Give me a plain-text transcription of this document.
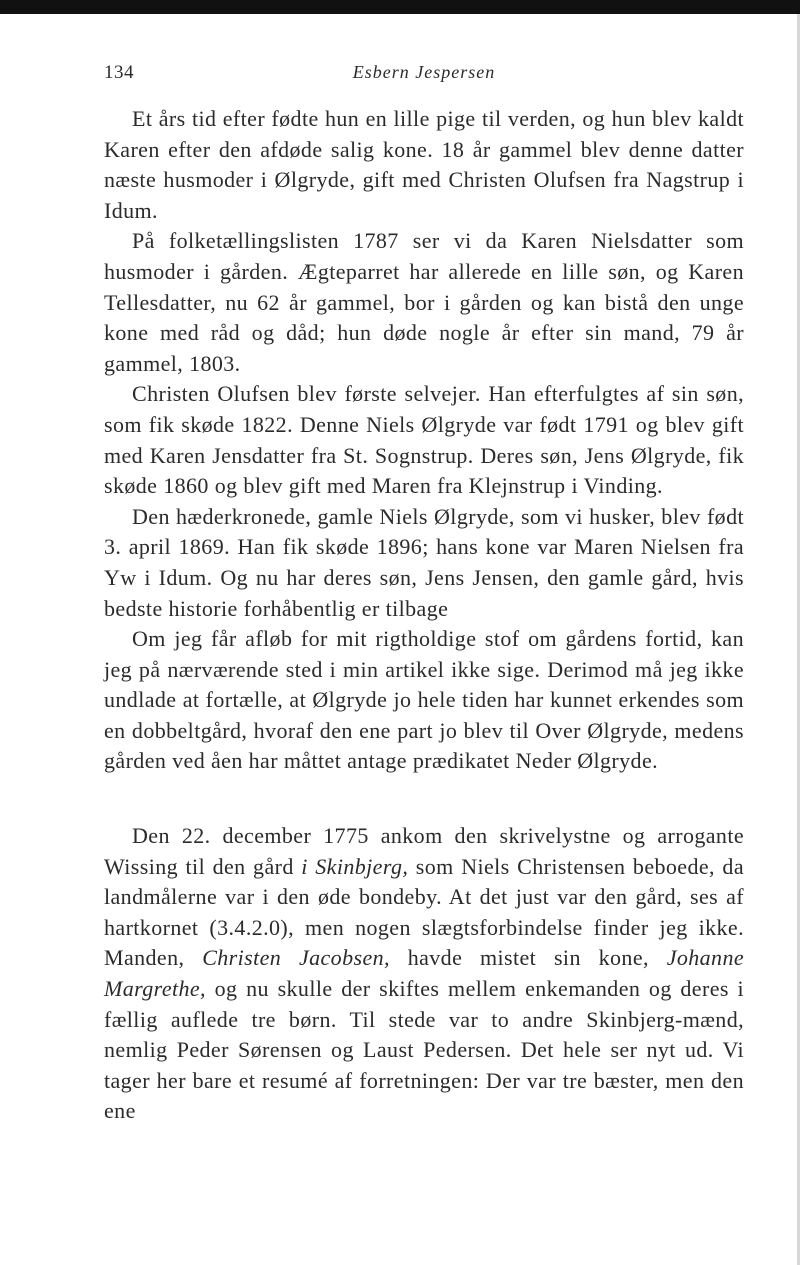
134	Esbern Jespersen

Et års tid efter fødte hun en lille pige til verden, og hun blev kaldt Karen efter den afdøde salig kone. 18 år gammel blev denne datter næste husmoder i Ølgryde, gift med Christen Olufsen fra Nagstrup i Idum.

På folketællingslisten 1787 ser vi da Karen Nielsdatter som husmoder i gården. Ægteparret har allerede en lille søn, og Karen Tellesdatter, nu 62 år gammel, bor i gården og kan bistå den unge kone med råd og dåd; hun døde nogle år efter sin mand, 79 år gammel, 1803.

Christen Olufsen blev første selvejer. Han efterfulgtes af sin søn, som fik skøde 1822. Denne Niels Ølgryde var født 1791 og blev gift med Karen Jensdatter fra St. Sognstrup. Deres søn, Jens Ølgryde, fik skøde 1860 og blev gift med Maren fra Klejnstrup i Vinding.

Den hæderkronede, gamle Niels Ølgryde, som vi husker, blev født 3. april 1869. Han fik skøde 1896; hans kone var Maren Nielsen fra Yw i Idum. Og nu har deres søn, Jens Jensen, den gamle gård, hvis bedste historie forhåbentlig er tilbage

Om jeg får afløb for mit rigtholdige stof om gårdens fortid, kan jeg på nærværende sted i min artikel ikke sige. Derimod må jeg ikke undlade at fortælle, at Ølgryde jo hele tiden har kunnet erkendes som en dobbeltgård, hvoraf den ene part jo blev til Over Ølgryde, medens gården ved åen har måttet antage prædikatet Neder Ølgryde.

Den 22. december 1775 ankom den skrivelystne og arrogante Wissing til den gård i Skinbjerg, som Niels Christensen beboede, da landmålerne var i den øde bondeby. At det just var den gård, ses af hartkornet (3.4.2.0), men nogen slægtsforbindelse finder jeg ikke. Manden, Christen Jacobsen, havde mistet sin kone, Johanne Margrethe, og nu skulle der skiftes mellem enkemanden og deres i fællig auflede tre børn. Til stede var to andre Skinbjerg-mænd, nemlig Peder Sørensen og Laust Pedersen. Det hele ser nyt ud. Vi tager her bare et resumé af forretningen: Der var tre bæster, men den ene
